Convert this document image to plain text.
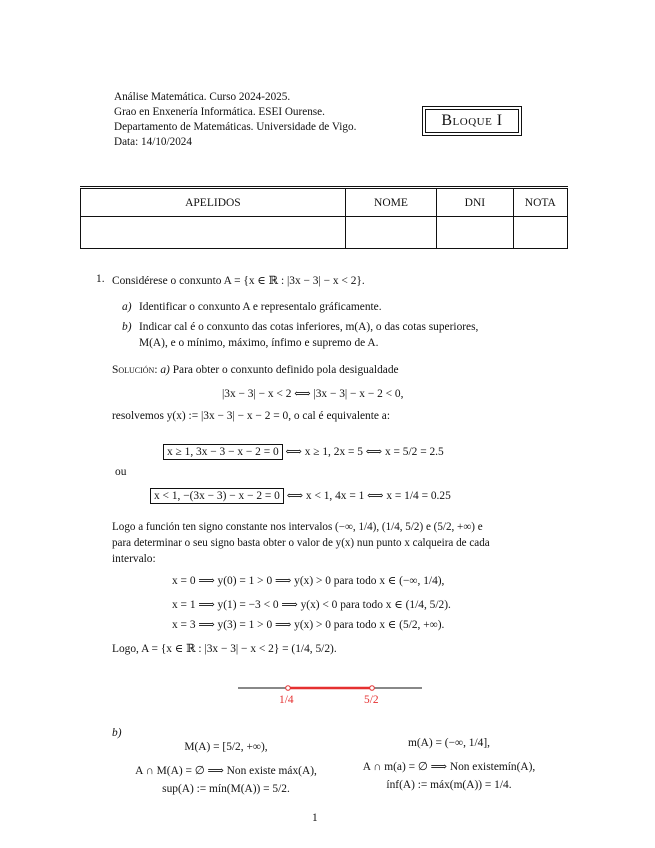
Análise Matemática. Curso 2024-2025.
Grao en Enxenería Informática. ESEI Ourense.
Departamento de Matemáticas. Universidade de Vigo.
Data: 14/10/2024
Bloque I
APELIDOS	NOME	DNI	NOTA

1. Considérese o conxunto A = {x ∈ ℝ : |3x − 3| − x < 2}.
a) Identificar o conxunto A e representalo gráficamente.
b) Indicar cal é o conxunto das cotas inferiores, m(A), o das cotas superiores,
M(A), e o mínimo, máximo, ínfimo e supremo de A.
Solución: a) Para obter o conxunto definido pola desigualdade
|3x − 3| − x < 2 ⟺ |3x − 3| − x − 2 < 0,
resolvemos y(x) := |3x − 3| − x − 2 = 0, o cal é equivalente a:
x ≥ 1, 3x − 3 − x − 2 = 0 ⟺ x ≥ 1, 2x = 5 ⟺ x = 5/2 = 2.5
ou
x < 1, −(3x − 3) − x − 2 = 0 ⟺ x < 1, 4x = 1 ⟺ x = 1/4 = 0.25
Logo a función ten signo constante nos intervalos (−∞, 1/4), (1/4, 5/2) e (5/2, +∞) e
para determinar o seu signo basta obter o valor de y(x) nun punto x calqueira de cada
intervalo:
x = 0 ⟹ y(0) = 1 > 0 ⟹ y(x) > 0 para todo x ∈ (−∞, 1/4),
x = 1 ⟹ y(1) = −3 < 0 ⟹ y(x) < 0 para todo x ∈ (1/4, 5/2).
x = 3 ⟹ y(3) = 1 > 0 ⟹ y(x) > 0 para todo x ∈ (5/2, +∞).
Logo, A = {x ∈ ℝ : |3x − 3| − x < 2} = (1/4, 5/2).
1/4	5/2
b)
M(A) = [5/2, +∞),
A ∩ M(A) = ∅ ⟹ Non existe máx(A),
sup(A) := mín(M(A)) = 5/2.
m(A) = (−∞, 1/4],
A ∩ m(a) = ∅ ⟹ Non existemín(A),
ínf(A) := máx(m(A)) = 1/4.
1
